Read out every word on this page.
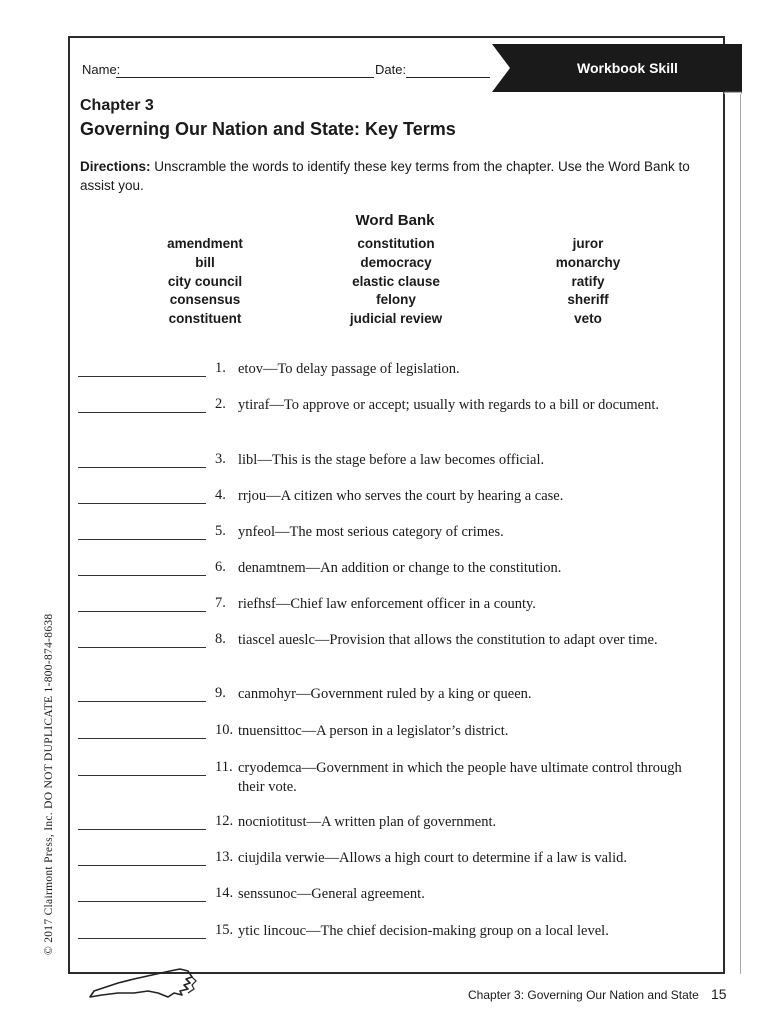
Workbook Skill
Name:	Date:
Chapter 3
Governing Our Nation and State: Key Terms
Directions: Unscramble the words to identify these key terms from the chapter. Use the Word Bank to assist you.
Word Bank
amendment
bill
city council
consensus
constituent
constitution
democracy
elastic clause
felony
judicial review
juror
monarchy
ratify
sheriff
veto
1. etov—To delay passage of legislation.
2. ytiraf—To approve or accept; usually with regards to a bill or document.
3. libl—This is the stage before a law becomes official.
4. rrjou—A citizen who serves the court by hearing a case.
5. ynfeol—The most serious category of crimes.
6. denamtnem—An addition or change to the constitution.
7. riefhsf—Chief law enforcement officer in a county.
8. tiascel aueslc—Provision that allows the constitution to adapt over time.
9. canmohyr—Government ruled by a king or queen.
10. tnuensittoc—A person in a legislator’s district.
11. cryodemca—Government in which the people have ultimate control through their vote.
12. nocniotitust—A written plan of government.
13. ciujdila verwie—Allows a high court to determine if a law is valid.
14. senssunoc—General agreement.
15. ytic lincouc—The chief decision-making group on a local level.
© 2017 Clairmont Press, Inc. DO NOT DUPLICATE 1-800-874-8638
Chapter 3: Governing Our Nation and State 15
